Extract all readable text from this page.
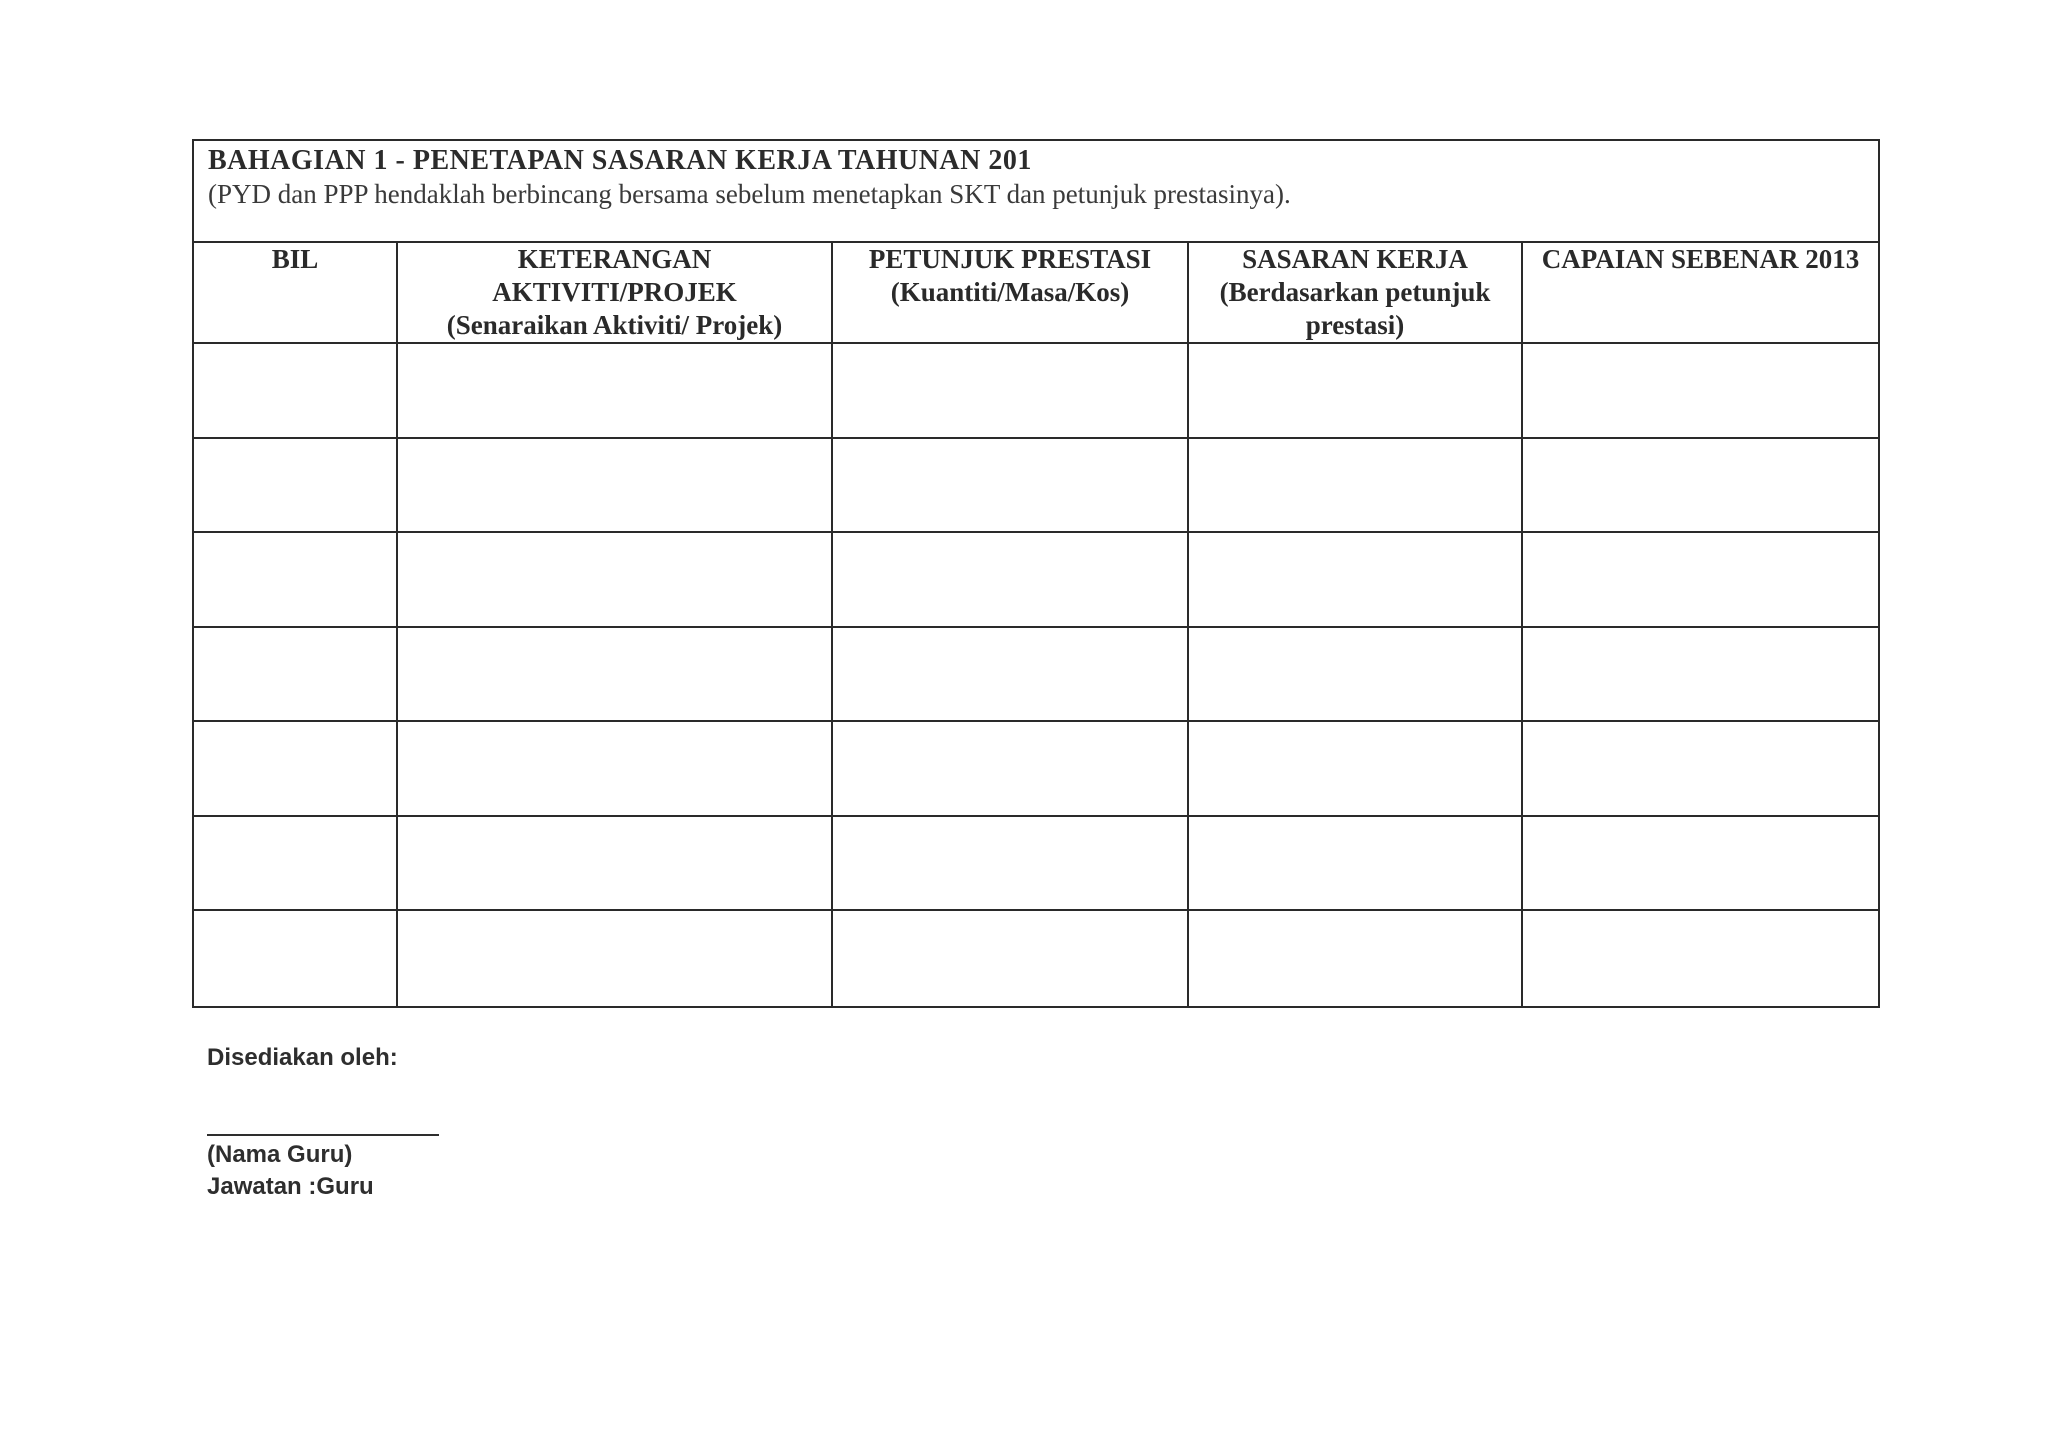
BAHAGIAN 1 - PENETAPAN SASARAN KERJA TAHUNAN 201
(PYD dan PPP hendaklah berbincang bersama sebelum menetapkan SKT dan petunjuk prestasinya).
BIL	KETERANGAN
AKTIVITI/PROJEK
(Senaraikan Aktiviti/ Projek)
PETUNJUK PRESTASI
(Kuantiti/Masa/Kos)
SASARAN KERJA
(Berdasarkan petunjuk
prestasi)
CAPAIAN SEBENAR 2013
Disediakan oleh:
(Nama Guru)
Jawatan :Guru
